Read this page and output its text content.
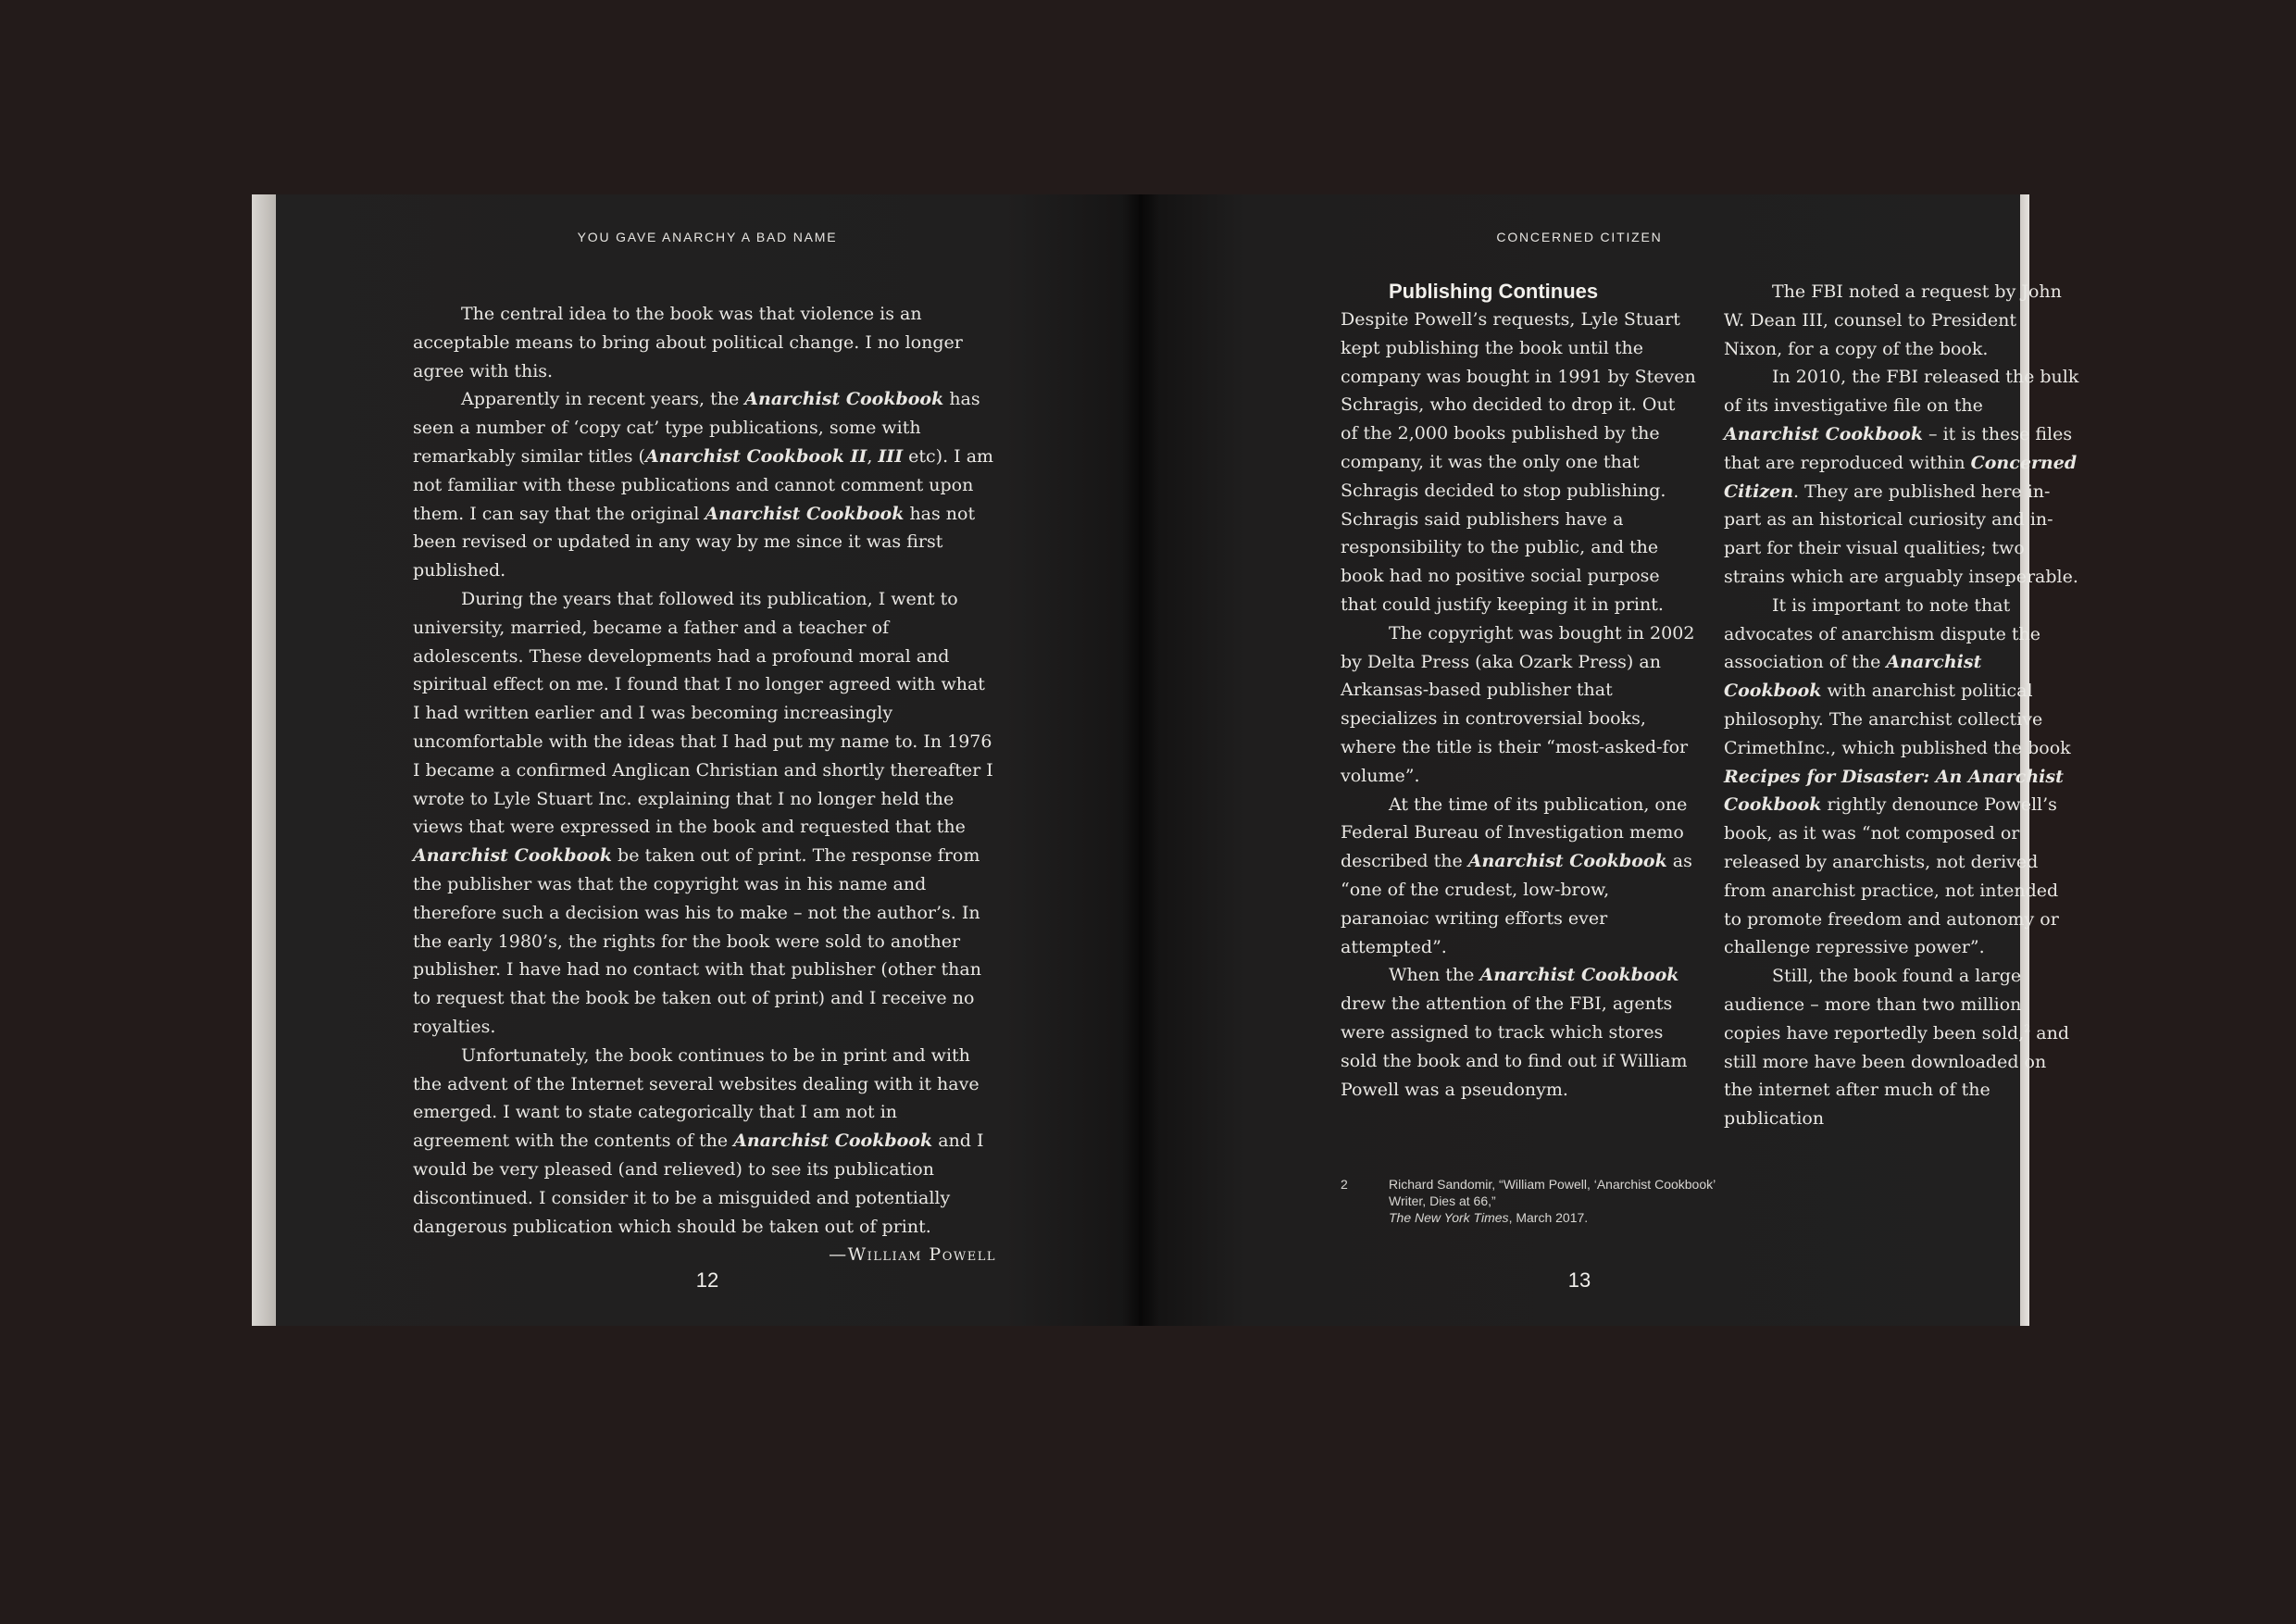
YOU GAVE ANARCHY A BAD NAME

The central idea to the book was that violence is an acceptable means to bring about political change. I no longer agree with this.

Apparently in recent years, the Anarchist Cookbook has seen a number of ‘copy cat’ type publications, some with remarkably similar titles (Anarchist Cookbook II, III etc). I am not familiar with these publications and cannot comment upon them. I can say that the original Anarchist Cookbook has not been revised or updated in any way by me since it was first published.

During the years that followed its publication, I went to university, married, became a father and a teacher of adolescents. These developments had a profound moral and spiritual effect on me. I found that I no longer agreed with what I had written earlier and I was becoming increasingly uncomfortable with the ideas that I had put my name to. In 1976 I became a confirmed Anglican Christian and shortly thereafter I wrote to Lyle Stuart Inc. explaining that I no longer held the views that were expressed in the book and requested that the Anarchist Cookbook be taken out of print. The response from the publisher was that the copyright was in his name and therefore such a decision was his to make – not the author’s. In the early 1980’s, the rights for the book were sold to another publisher. I have had no contact with that publisher (other than to request that the book be taken out of print) and I receive no royalties.

Unfortunately, the book continues to be in print and with the advent of the Internet several websites dealing with it have emerged. I want to state categorically that I am not in agreement with the contents of the Anarchist Cookbook and I would be very pleased (and relieved) to see its publication discontinued. I consider it to be a misguided and potentially dangerous publication which should be taken out of print.

—William Powell

12
CONCERNED CITIZEN
Publishing Continues

Despite Powell’s requests, Lyle Stuart kept publishing the book until the company was bought in 1991 by Steven Schragis, who decided to drop it. Out of the 2,000 books published by the company, it was the only one that Schragis decided to stop publishing. Schragis said publishers have a responsibility to the public, and the book had no positive social purpose that could justify keeping it in print.

The copyright was bought in 2002 by Delta Press (aka Ozark Press) an Arkansas-based publisher that specializes in controversial books, where the title is their “most-asked-for volume”.

At the time of its publication, one Federal Bureau of Investigation memo described the Anarchist Cookbook as “one of the crudest, low-brow, paranoiac writing efforts ever attempted”.

When the Anarchist Cookbook drew the attention of the FBI, agents were assigned to track which stores sold the book and to find out if William Powell was a pseudonym.

The FBI noted a request by John W. Dean III, counsel to President Nixon, for a copy of the book.

In 2010, the FBI released the bulk of its investigative file on the Anarchist Cookbook – it is these files that are reproduced within Concerned Citizen. They are published here in-part as an historical curiosity and in-part for their visual qualities; two strains which are arguably inseperable.

It is important to note that advocates of anarchism dispute the association of the Anarchist Cookbook with anarchist political philosophy. The anarchist collective CrimethInc., which published the book Recipes for Disaster: An Anarchist Cookbook rightly denounce Powell’s book, as it was “not composed or released by anarchists, not derived from anarchist practice, not intended to promote freedom and autonomy or challenge repressive power”.

Still, the book found a large audience – more than two million copies have reportedly been sold,$^2$ and still more have been downloaded on the internet after much of the publication

2	Richard Sandomir, “William Powell, ‘Anarchist Cookbook’ Writer, Dies at 66,”
The New York Times, March 2017.
13
